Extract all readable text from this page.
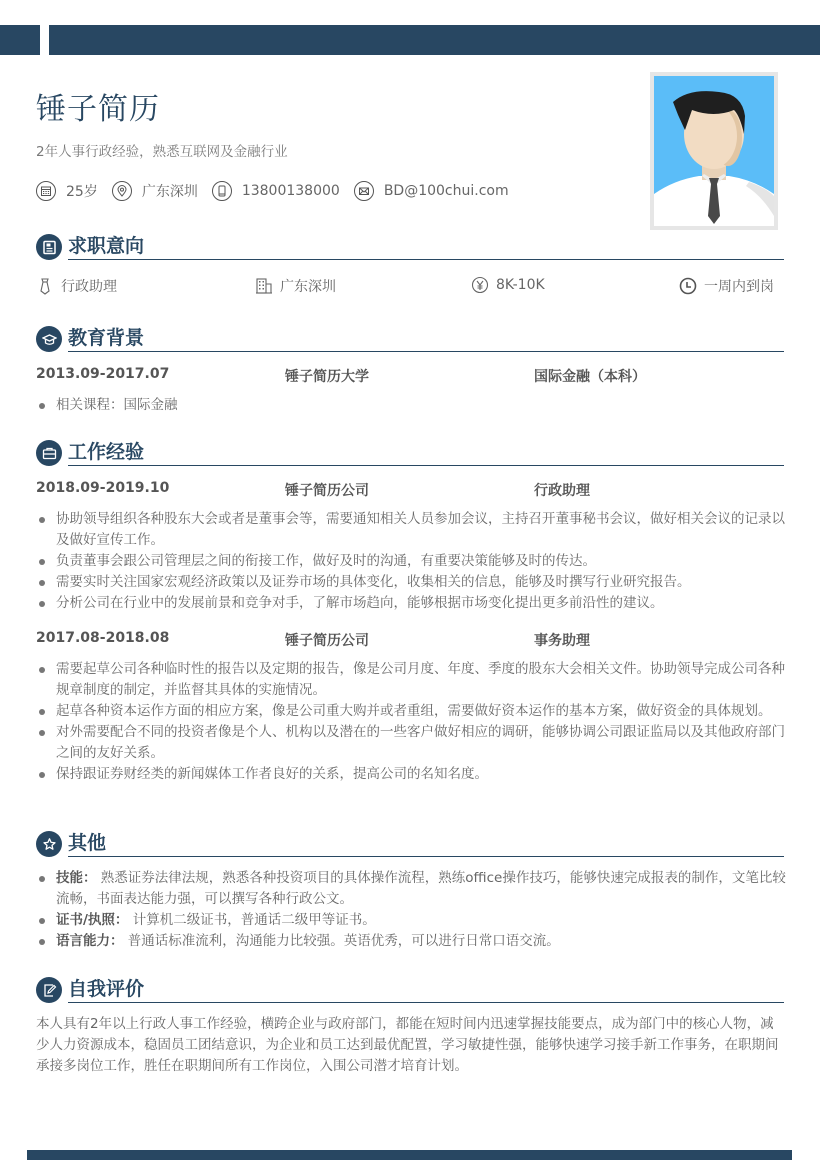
锤子简历
2年人事行政经验，熟悉互联网及金融行业
25岁	广东深圳	13800138000	BD@100chui.com
求职意向
行政助理	广东深圳	8K-10K	一周内到岗
教育背景
2013.09-2017.07	锤子简历大学	国际金融（本科）
相关课程：国际金融
工作经验
2018.09-2019.10	锤子简历公司	行政助理
协助领导组织各种股东大会或者是董事会等，需要通知相关人员参加会议，主持召开董事秘书会议，做好相关会议的记录以及做好宣传工作。
负责董事会跟公司管理层之间的衔接工作，做好及时的沟通，有重要决策能够及时的传达。
需要实时关注国家宏观经济政策以及证券市场的具体变化，收集相关的信息，能够及时撰写行业研究报告。
分析公司在行业中的发展前景和竞争对手，了解市场趋向，能够根据市场变化提出更多前沿性的建议。
2017.08-2018.08	锤子简历公司	事务助理
需要起草公司各种临时性的报告以及定期的报告，像是公司月度、年度、季度的股东大会相关文件。协助领导完成公司各种规章制度的制定，并监督其具体的实施情况。
起草各种资本运作方面的相应方案，像是公司重大购并或者重组，需要做好资本运作的基本方案，做好资金的具体规划。
对外需要配合不同的投资者像是个人、机构以及潜在的一些客户做好相应的调研，能够协调公司跟证监局以及其他政府部门之间的友好关系。
保持跟证券财经类的新闻媒体工作者良好的关系，提高公司的名知名度。
其他
技能： 熟悉证券法律法规，熟悉各种投资项目的具体操作流程，熟练office操作技巧，能够快速完成报表的制作，文笔比较流畅，书面表达能力强，可以撰写各种行政公文。
证书/执照： 计算机二级证书，普通话二级甲等证书。
语言能力： 普通话标准流利，沟通能力比较强。英语优秀，可以进行日常口语交流。
自我评价

本人具有2年以上行政人事工作经验，横跨企业与政府部门，都能在短时间内迅速掌握技能要点，成为部门中的核心人物，减少人力资源成本，稳固员工团结意识，为企业和员工达到最优配置，学习敏捷性强，能够快速学习接手新工作事务，在职期间承接多岗位工作，胜任在职期间所有工作岗位，入围公司潜才培育计划。
